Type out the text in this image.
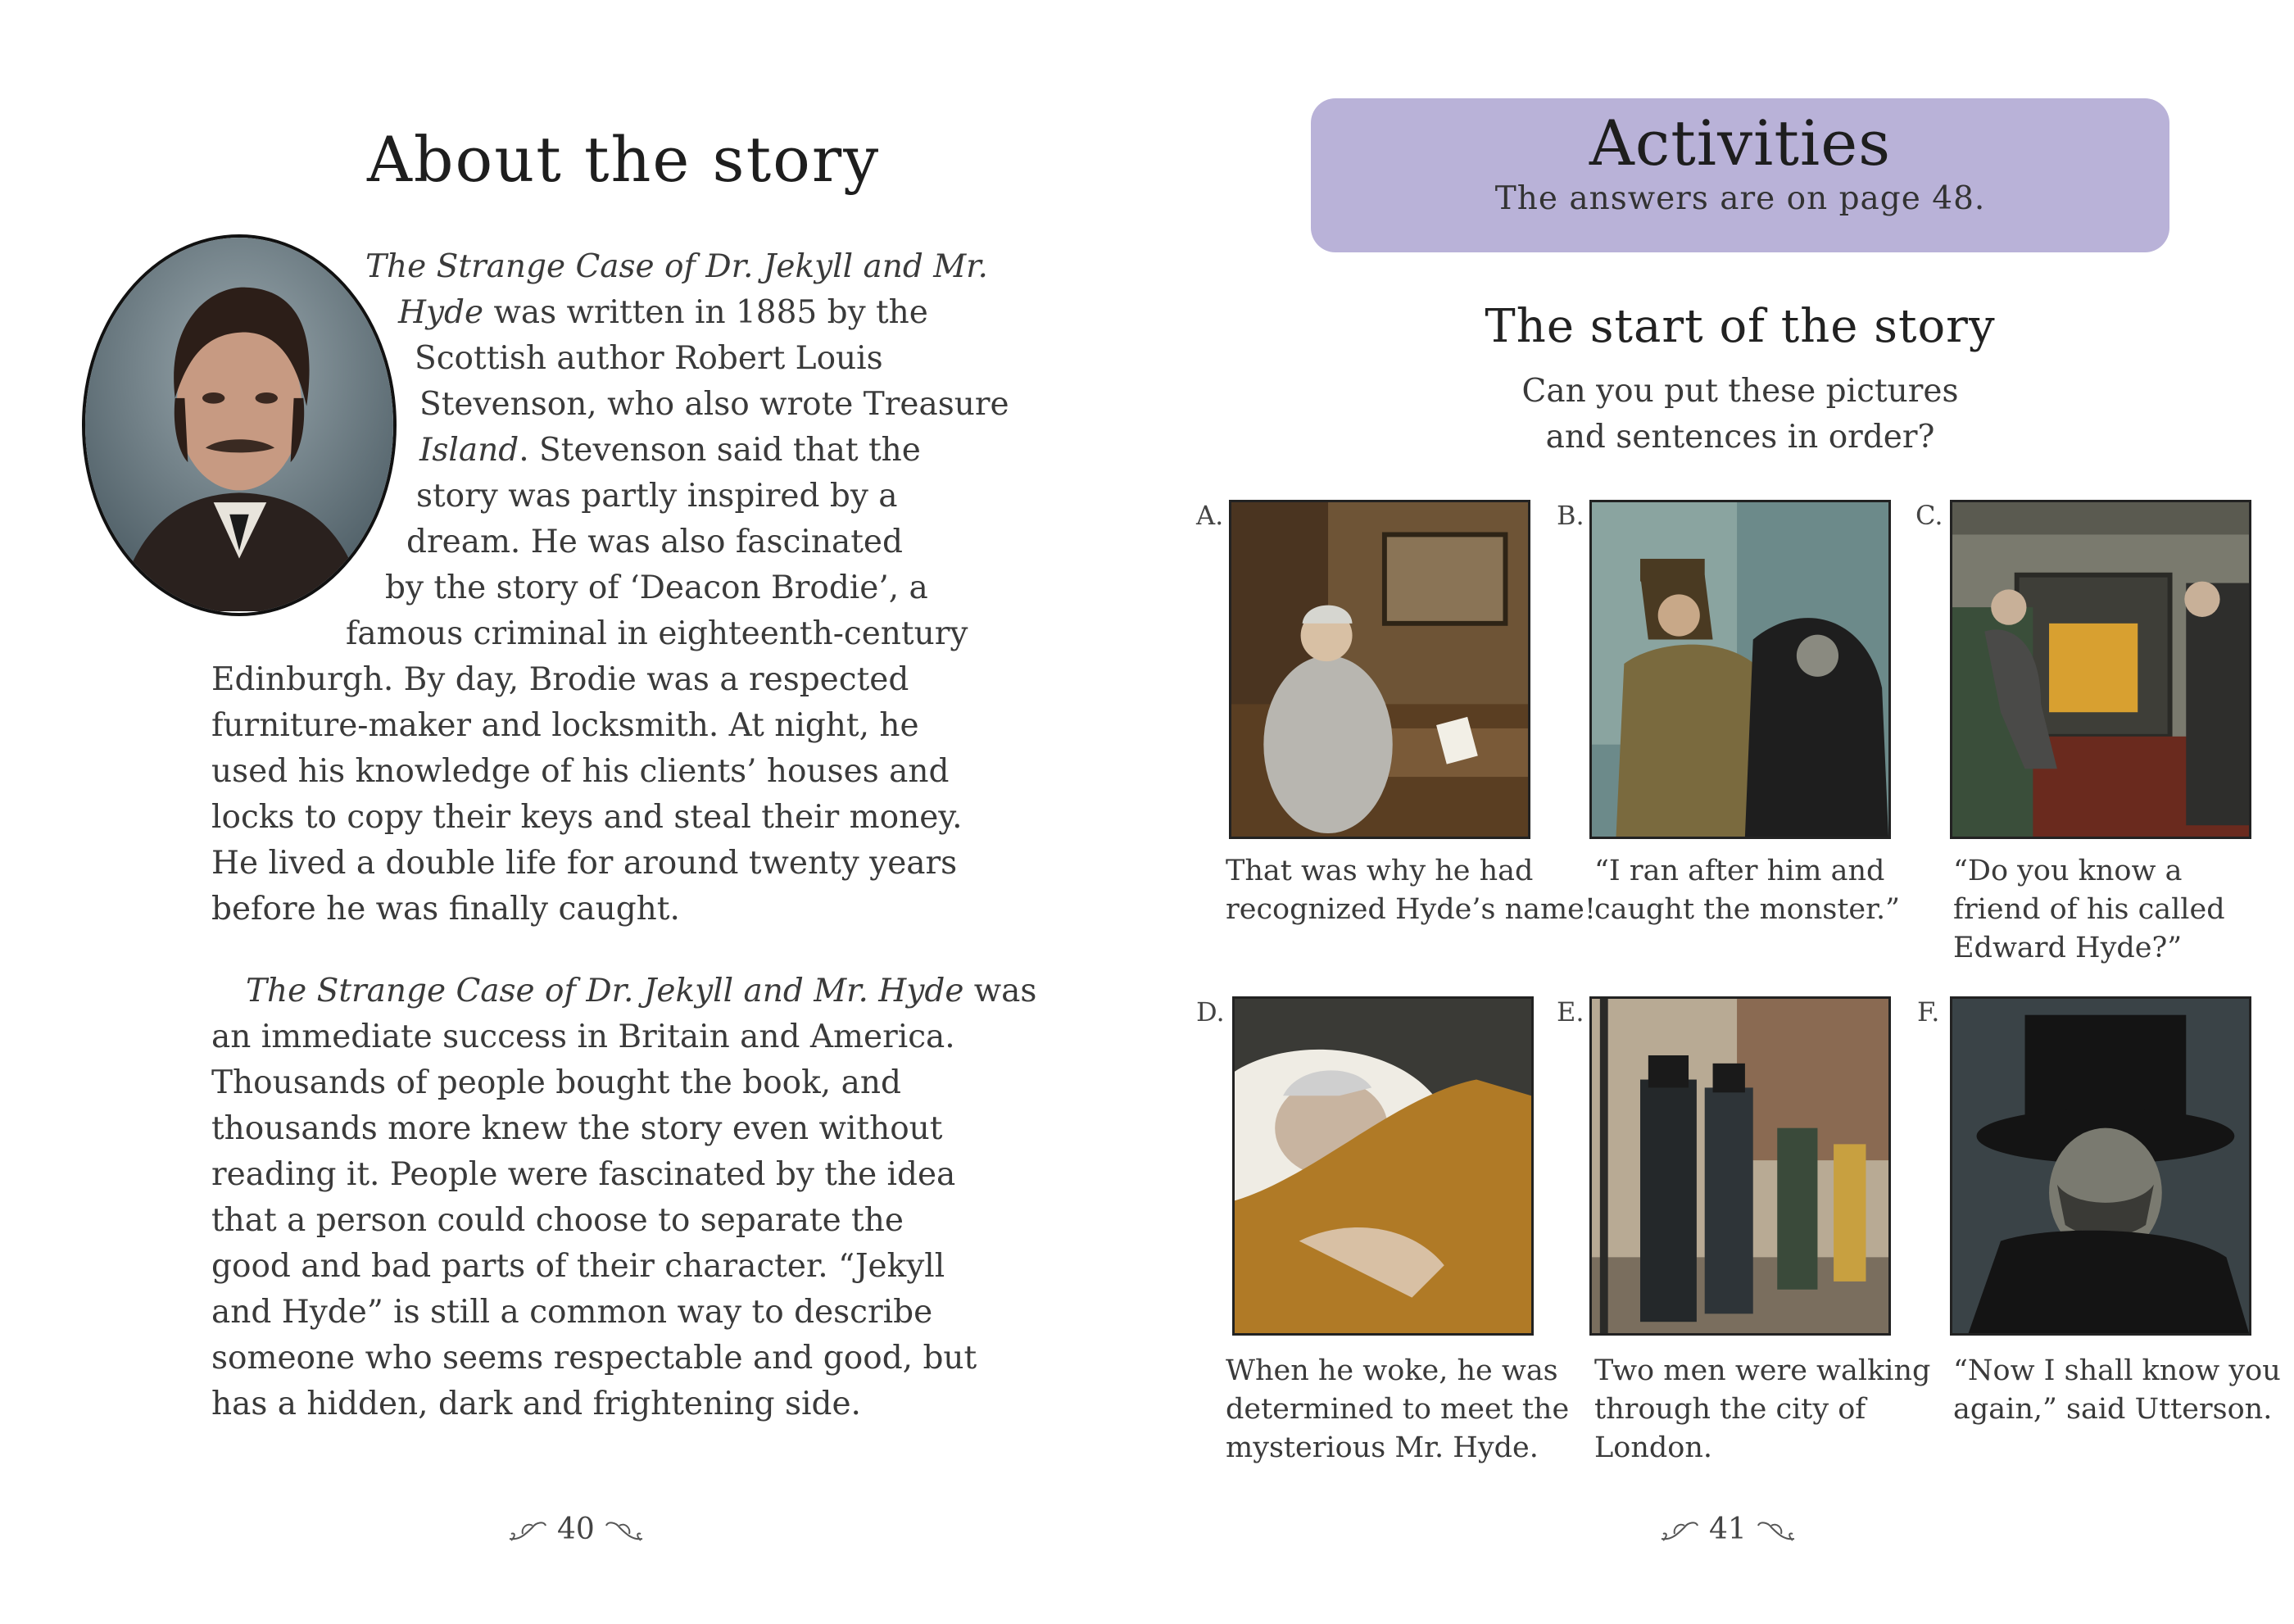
About the story
The Strange Case of Dr. Jekyll and Mr.
Hyde was written in 1885 by the
Scottish author Robert Louis
Stevenson, who also wrote Treasure
Island. Stevenson said that the
story was partly inspired by a
dream. He was also fascinated
by the story of ‘Deacon Brodie’, a
famous criminal in eighteenth-century
Edinburgh. By day, Brodie was a respected
furniture-maker and locksmith. At night, he
used his knowledge of his clients’ houses and
locks to copy their keys and steal their money.
He lived a double life for around twenty years
before he was finally caught.
The Strange Case of Dr. Jekyll and Mr. Hyde was
an immediate success in Britain and America.
Thousands of people bought the book, and
thousands more knew the story even without
reading it. People were fascinated by the idea
that a person could choose to separate the
good and bad parts of their character. “Jekyll
and Hyde” is still a common way to describe
someone who seems respectable and good, but
has a hidden, dark and frightening side.
40
Activities
The answers are on page 48.
The start of the story
Can you put these pictures
and sentences in order?
A.
That was why he had
recognized Hyde’s name!
B.
“I ran after him and
caught the monster.”
C.
“Do you know a
friend of his called
Edward Hyde?”
D.
When he woke, he was
determined to meet the
mysterious Mr. Hyde.
E.
Two men were walking
through the city of
London.
F.
“Now I shall know you
again,” said Utterson.
41
